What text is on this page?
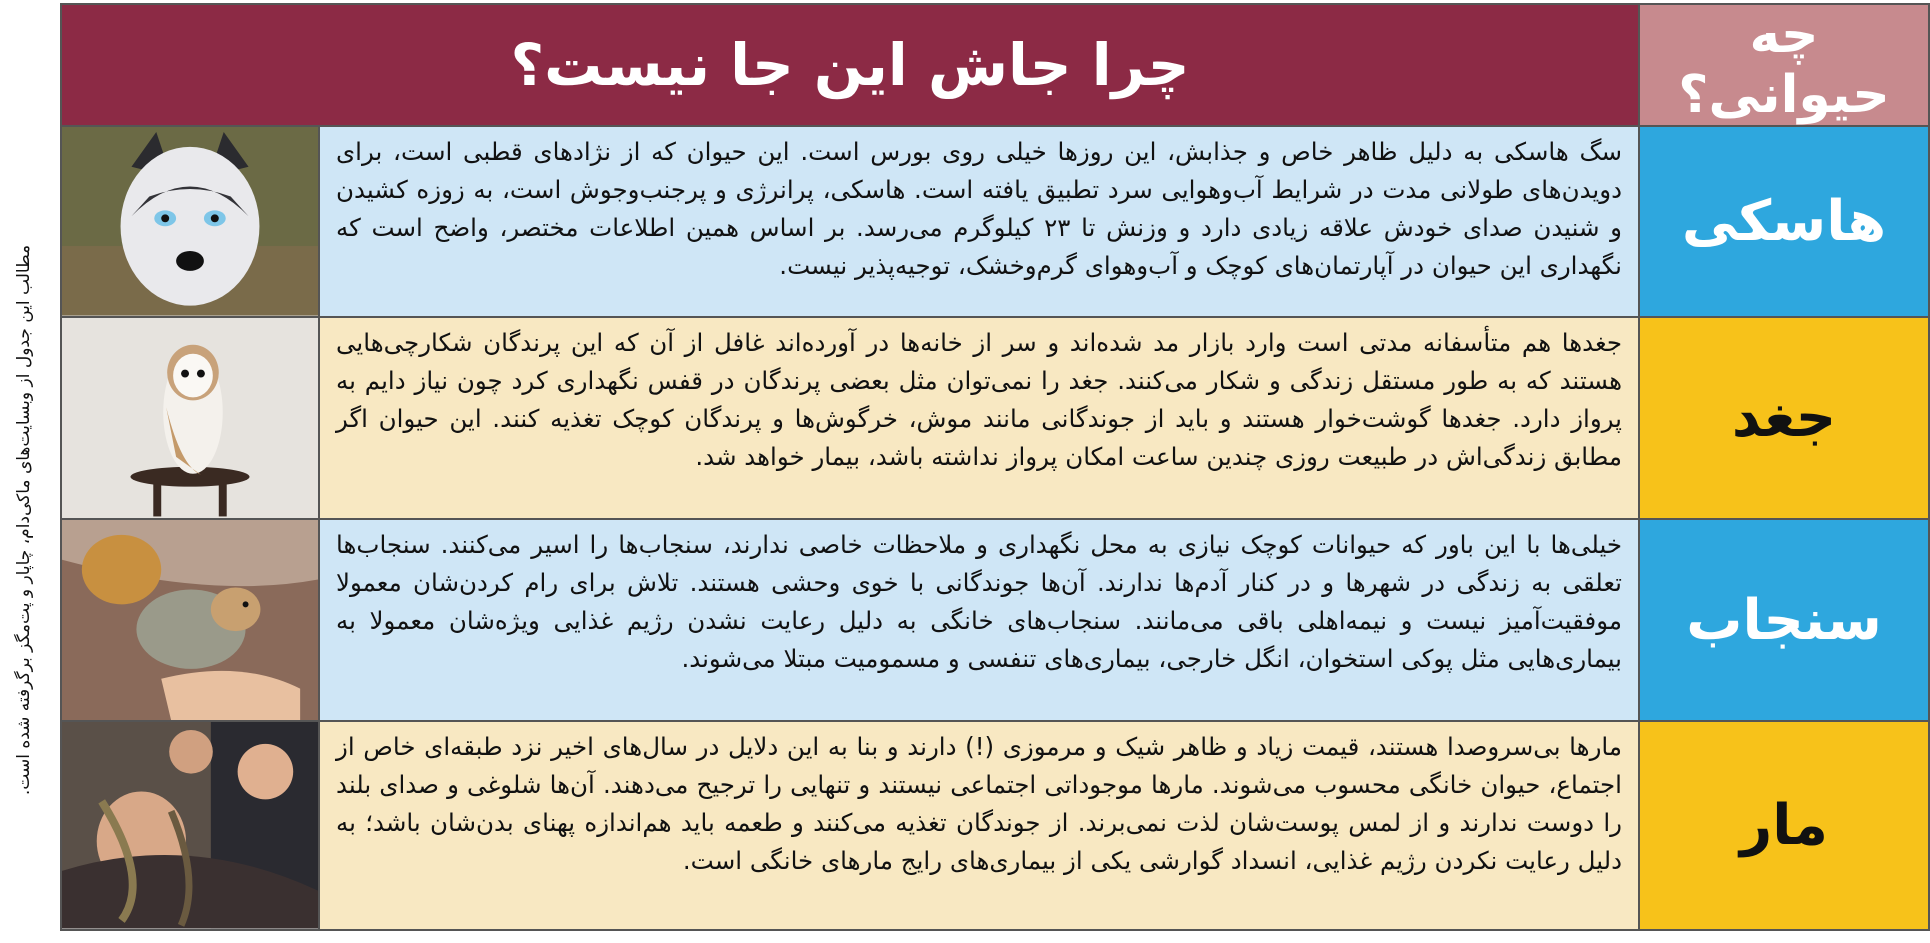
مطالب این جدول از وبسایت‌های ماکی‌دام، چاپار و پت‌مگز برگرفته شده است.
چرا جاش این جا نیست؟		چه حیوانی؟

	سگ هاسکی به دلیل ظاهر خاص و جذابش، این روزها خیلی روی بورس است. این حیوان که از نژادهای قطبی است، برای دویدن‌های طولانی مدت در شرایط آب‌وهوایی سرد تطبیق یافته است. هاسکی، پرانرژی و پرجنب‌وجوش است، به زوزه کشیدن و شنیدن صدای خودش علاقه زیادی دارد و وزنش تا ۲۳ کیلوگرم می‌رسد. بر اساس همین اطلاعات مختصر، واضح است که نگهداری این حیوان در آپارتمان‌های کوچک و آب‌وهوای گرم‌وخشک، توجیه‌پذیر نیست.	هاسکی

	جغدها هم متأسفانه مدتی است وارد بازار مد شده‌اند و سر از خانه‌ها در آورده‌اند غافل از آن که این پرندگان شکارچی‌هایی هستند که به طور مستقل زندگی و شکار می‌کنند. جغد را نمی‌توان مثل بعضی پرندگان در قفس نگهداری کرد چون نیاز دایم به پرواز دارد. جغدها گوشت‌خوار هستند و باید از جوندگانی مانند موش، خرگوش‌ها و پرندگان کوچک تغذیه کنند. این حیوان اگر مطابق زندگی‌اش در طبیعت روزی چندین ساعت امکان پرواز نداشته باشد، بیمار خواهد شد.	جغد

	خیلی‌ها با این باور که حیوانات کوچک نیازی به محل نگهداری و ملاحظات خاصی ندارند، سنجاب‌ها را اسیر می‌کنند. سنجاب‌ها تعلقی به زندگی در شهرها و در کنار آدم‌ها ندارند. آن‌ها جوندگانی با خوی وحشی هستند. تلاش برای رام کردن‌شان معمولا موفقیت‌آمیز نیست و نیمه‌اهلی باقی می‌مانند. سنجاب‌های خانگی به دلیل رعایت نشدن رژیم غذایی ویژه‌شان معمولا به بیماری‌هایی مثل پوکی استخوان، انگل خارجی، بیماری‌های تنفسی و مسمومیت مبتلا می‌شوند.	سنجاب

	مارها بی‌سروصدا هستند، قیمت زیاد و ظاهر شیک و مرموزی (!) دارند و بنا به این دلایل در سال‌های اخیر نزد طبقه‌ای خاص از اجتماع، حیوان خانگی محسوب می‌شوند. مارها موجوداتی اجتماعی نیستند و تنهایی را ترجیح می‌دهند. آن‌ها شلوغی و صدای بلند را دوست ندارند و از لمس پوست‌شان لذت نمی‌برند. از جوندگان تغذیه می‌کنند و طعمه باید هم‌اندازه پهنای بدن‌شان باشد؛ به دلیل رعایت نکردن رژیم غذایی، انسداد گوارشی یکی از بیماری‌های رایج مارهای خانگی است.	مار
